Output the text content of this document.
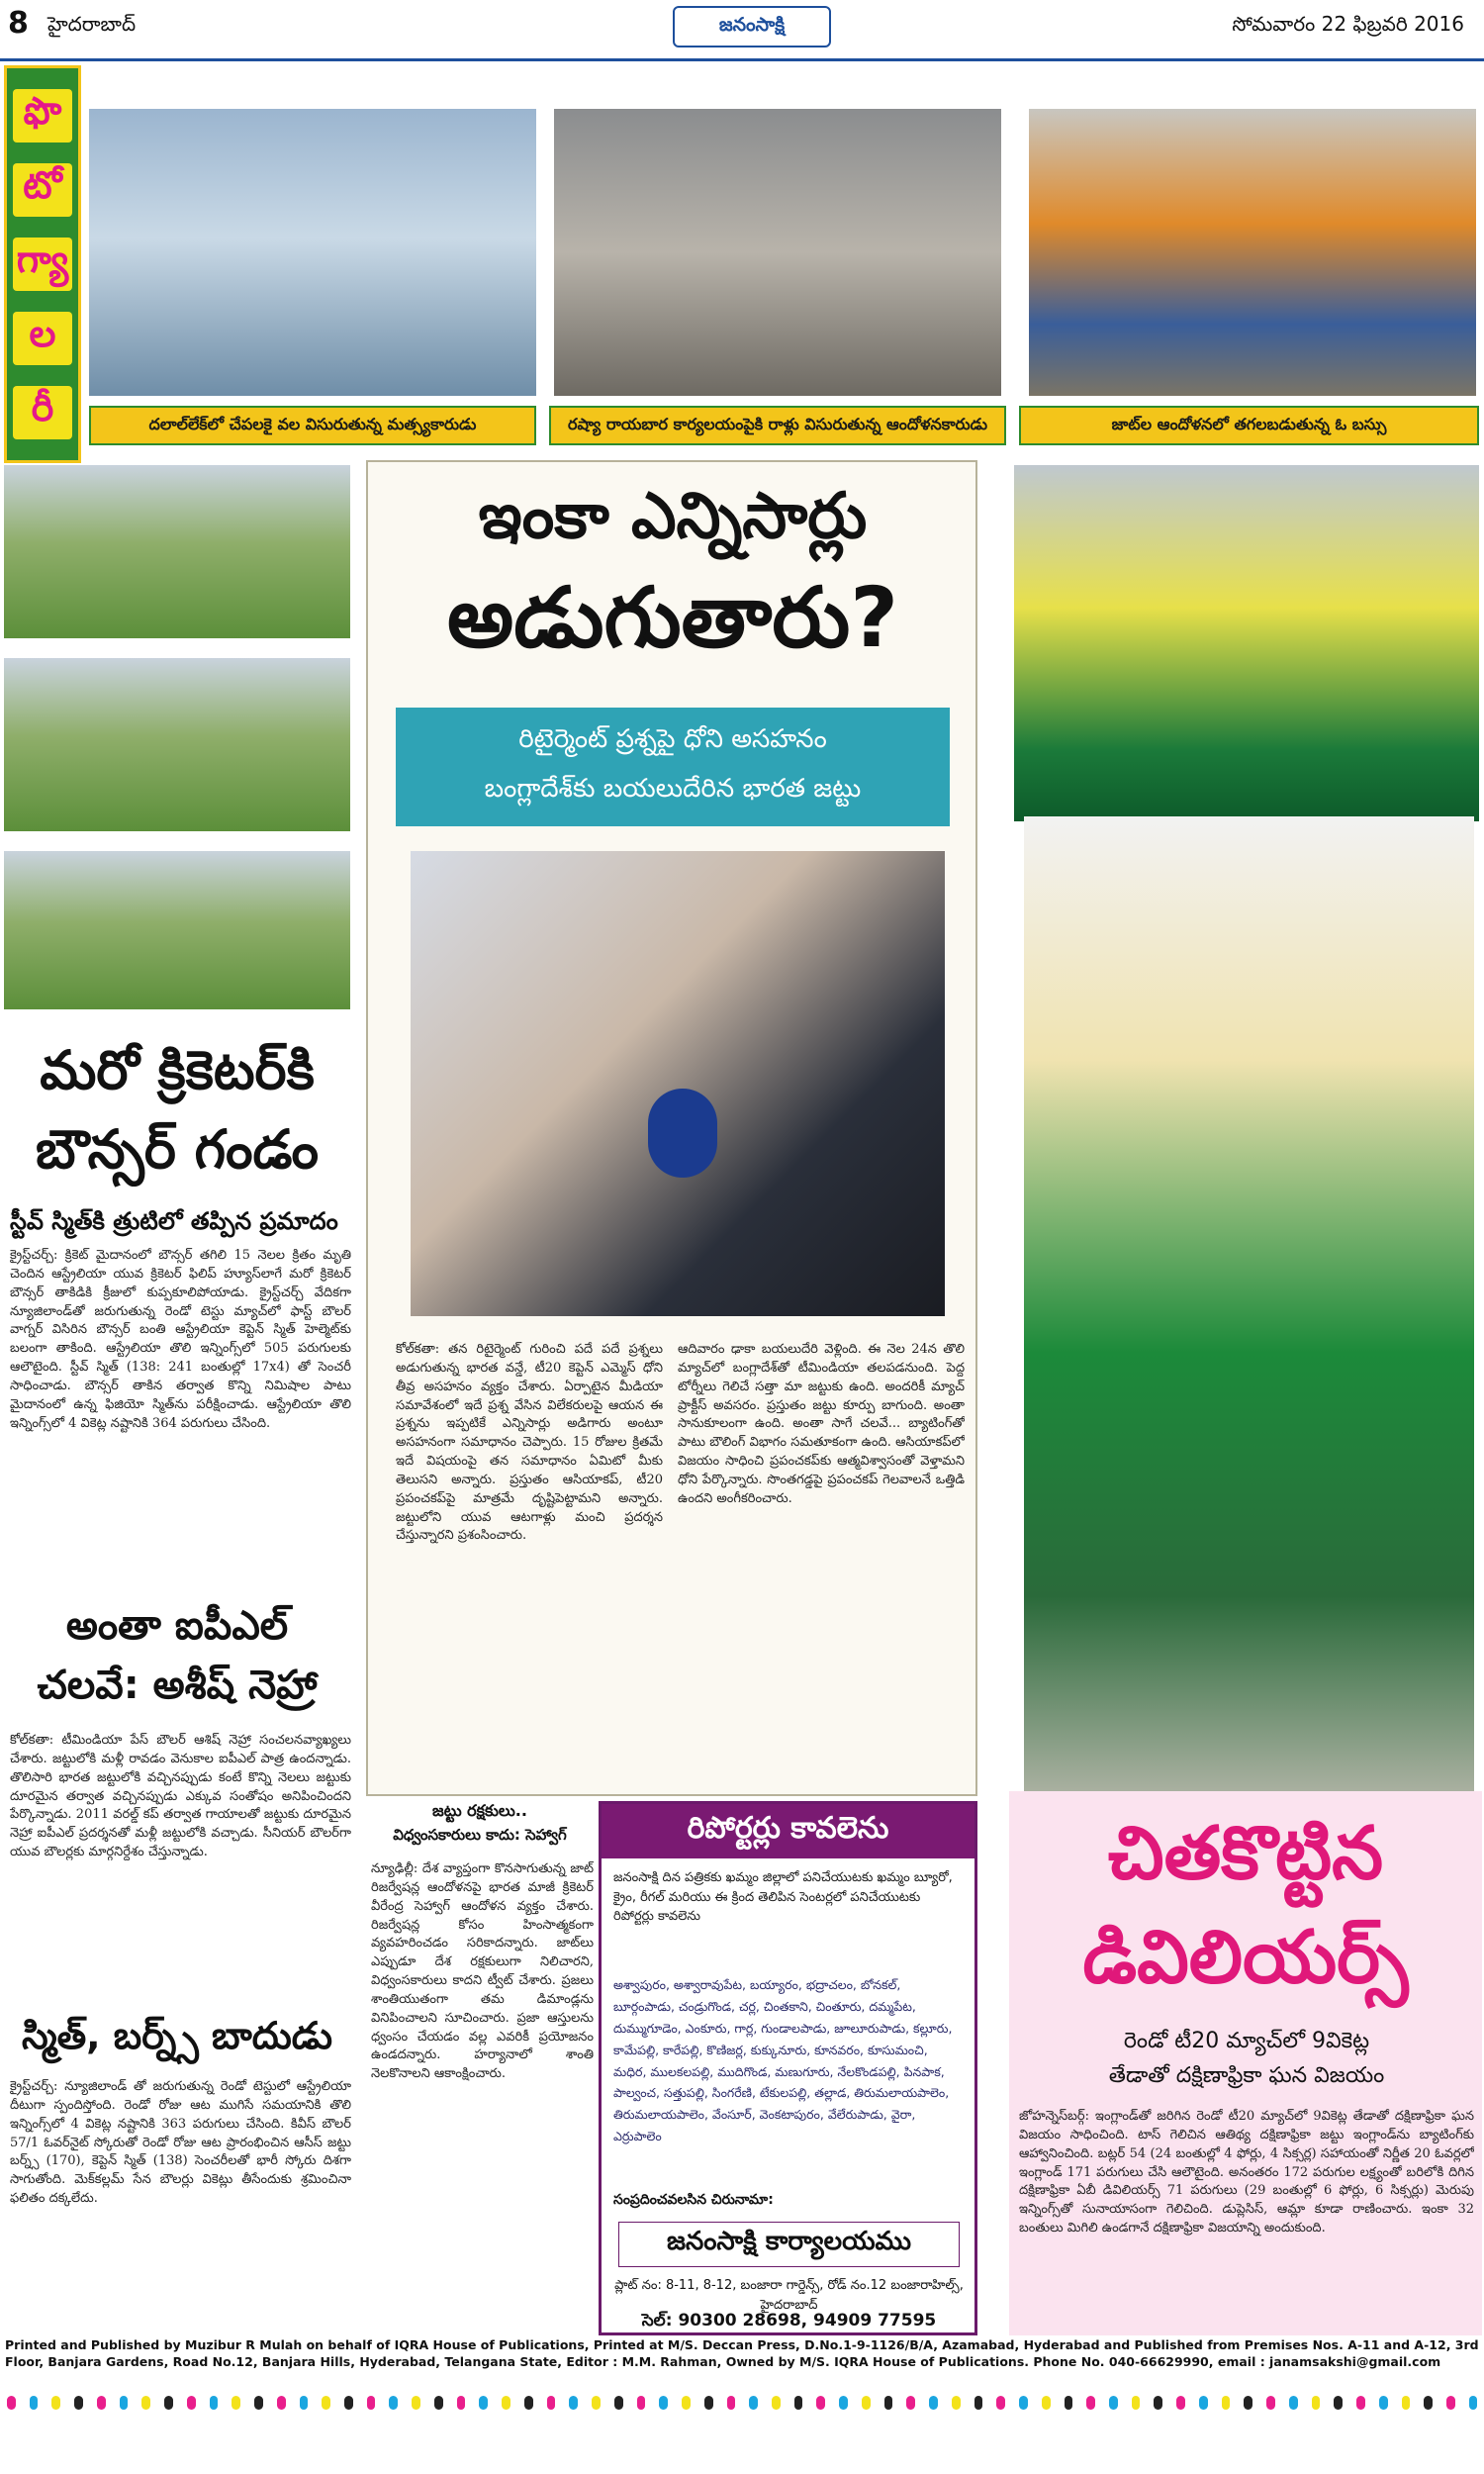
8 హైదరాబాద్	జనంసాక్షి	సోమవారం 22 ఫిబ్రవరి 2016
ఫొ
టో
గ్యా
ల
రీ	దలాల్‌లేక్‌లో చేపలకై వల విసురుతున్న మత్స్యకారుడు	రష్యా రాయబార కార్యలయంపైకి రాళ్లు విసురుతున్న ఆందోళనకారుడు	జాట్‌ల ఆందోళనలో తగలబడుతున్న ఓ బస్సు
మరో క్రికెటర్‌కి
బౌన్సర్ గండం
స్టీవ్ స్మిత్‌కి త్రుటిలో తప్పిన ప్రమాదం
క్రైస్ట్‌చర్చ్: క్రికెట్ మైదానంలో బౌన్సర్ తగిలి 15 నెలల క్రితం మృతి చెందిన ఆస్ట్రేలియా యువ క్రికెటర్ ఫిలిప్ హ్యూస్‌లాగే మరో క్రికెటర్ బౌన్సర్ తాకిడికి క్రీజులో కుప్పకూలిపోయాడు. క్రైస్ట్‌చర్చ్ వేదికగా న్యూజిలాండ్‌తో జరుగుతున్న రెండో టెస్టు మ్యాచ్‌లో ఫాస్ట్ బౌలర్ వాగ్నర్ విసిరిన బౌన్సర్ బంతి ఆస్ట్రేలియా కెప్టెన్ స్మిత్ హెల్మెట్‌కు బలంగా తాకింది. ఆస్ట్రేలియా తొలి ఇన్నింగ్స్‌లో 505 పరుగులకు ఆలౌటైంది. స్టీవ్ స్మిత్ (138: 241 బంతుల్లో 17x4) తో సెంచరీ సాధించాడు. బౌన్సర్ తాకిన తర్వాత కొన్ని నిమిషాల పాటు మైదానంలో ఉన్న ఫిజియో స్మిత్‌ను పరీక్షించాడు. ఆస్ట్రేలియా తొలి ఇన్నింగ్స్‌లో 4 వికెట్ల నష్టానికి 364 పరుగులు చేసింది.
అంతా ఐపీఎల్
చలవే: అశీష్ నెహ్రా
కోల్‌కతా: టీమిండియా పేస్ బౌలర్ ఆశిష్ నెహ్రా సంచలనవ్యాఖ్యలు చేశారు. జట్టులోకి మళ్లీ రావడం వెనుకాల ఐపీఎల్ పాత్ర ఉందన్నాడు. తొలిసారి భారత జట్టులోకి వచ్చినప్పుడు కంటే కొన్ని నెలలు జట్టుకు దూరమైన తర్వాత వచ్చినప్పుడు ఎక్కువ సంతోషం అనిపించిందని పేర్కొన్నాడు. 2011 వరల్డ్ కప్ తర్వాత గాయాలతో జట్టుకు దూరమైన నెహ్రా ఐపీఎల్ ప్రదర్శనతో మళ్లీ జట్టులోకి వచ్చాడు. సీనియర్ బౌలర్‌గా యువ బౌలర్లకు మార్గనిర్దేశం చేస్తున్నాడు.
స్మిత్, బర్న్స్ బాదుడు
క్రైస్ట్‌చర్చ్: న్యూజిలాండ్ తో జరుగుతున్న రెండో టెస్టులో ఆస్ట్రేలియా దీటుగా స్పందిస్తోంది. రెండో రోజు ఆట ముగిసే సమయానికి తొలి ఇన్నింగ్స్‌లో 4 వికెట్ల నష్టానికి 363 పరుగులు చేసింది. కివీస్ బౌలర్ 57/1 ఓవర్‌నైట్ స్కోరుతో రెండో రోజు ఆట ప్రారంభించిన ఆసీస్ జట్టు బర్న్స్ (170), కెప్టెన్ స్మిత్ (138) సెంచరీలతో భారీ స్కోరు దిశగా సాగుతోంది. మెక్‌కల్లమ్ సేన బౌలర్లు వికెట్లు తీసేందుకు శ్రమించినా ఫలితం దక్కలేదు.
ఇంకా ఎన్నిసార్లు
అడుగుతారు?
రిటైర్మెంట్ ప్రశ్నపై ధోని అసహనం
బంగ్లాదేశ్‌కు బయలుదేరిన భారత జట్టు
కోల్‌కతా: తన రిటైర్మెంట్ గురించి పదే పదే ప్రశ్నలు అడుగుతున్న భారత వన్డే, టీ20 కెప్టెన్ ఎమ్మెస్ ధోని తీవ్ర అసహనం వ్యక్తం చేశారు. ఏర్పాటైన మీడియా సమావేశంలో ఇదే ప్రశ్న వేసిన విలేకరులపై ఆయన ఈ ప్రశ్నను ఇప్పటికే ఎన్నిసార్లు అడిగారు అంటూ అసహనంగా సమాధానం చెప్పారు. 15 రోజుల క్రితమే ఇదే విషయంపై తన సమాధానం ఏమిటో మీకు తెలుసని అన్నారు. ప్రస్తుతం ఆసియాకప్, టీ20 ప్రపంచకప్‌పై మాత్రమే దృష్టిపెట్టామని అన్నారు. జట్టులోని యువ ఆటగాళ్లు మంచి ప్రదర్శన చేస్తున్నారని ప్రశంసించారు.
ఆదివారం ఢాకా బయలుదేరి వెళ్లింది. ఈ నెల 24న తొలి మ్యాచ్‌లో బంగ్లాదేశ్‌తో టీమిండియా తలపడనుంది. పెద్ద టోర్నీలు గెలిచే సత్తా మా జట్టుకు ఉంది. అందరికీ మ్యాచ్ ప్రాక్టీస్ అవసరం. ప్రస్తుతం జట్టు కూర్పు బాగుంది. అంతా సానుకూలంగా ఉంది. అంతా సాగే చలవే... బ్యాటింగ్‌తో పాటు బౌలింగ్ విభాగం సమతూకంగా ఉంది. ఆసియాకప్‌లో విజయం సాధించి ప్రపంచకప్‌కు ఆత్మవిశ్వాసంతో వెళ్తామని ధోని పేర్కొన్నారు. సొంతగడ్డపై ప్రపంచకప్ గెలవాలనే ఒత్తిడి ఉందని అంగీకరించారు.
జట్టు రక్షకులు..
విధ్వంసకారులు కాదు: సెహ్వాగ్
న్యూఢిల్లీ: దేశ వ్యాప్తంగా కొనసాగుతున్న జాట్ రిజర్వేషన్ల ఆందోళనపై భారత మాజీ క్రికెటర్ వీరేంద్ర సెహ్వాగ్ ఆందోళన వ్యక్తం చేశారు. రిజర్వేషన్ల కోసం హింసాత్మకంగా వ్యవహరించడం సరికాదన్నారు. జాట్‌లు ఎప్పుడూ దేశ రక్షకులుగా నిలిచారని, విధ్వంసకారులు కాదని ట్వీట్ చేశారు. ప్రజలు శాంతియుతంగా తమ డిమాండ్లను వినిపించాలని సూచించారు. ప్రజా ఆస్తులను ధ్వంసం చేయడం వల్ల ఎవరికీ ప్రయోజనం ఉండదన్నారు. హర్యానాలో శాంతి నెలకొనాలని ఆకాంక్షించారు.
రిపోర్టర్లు కావలెను
జనంసాక్షి దిన పత్రికకు ఖమ్మం జిల్లాలో పనిచేయుటకు ఖమ్మం బ్యూరో, క్రైం, రీగల్ మరియు ఈ క్రింద తెలిపిన సెంటర్లలో పనిచేయుటకు రిపోర్టర్లు కావలెను
అశ్వాపురం, అశ్వారావుపేట, బయ్యారం, భద్రాచలం, బోనకల్, బూర్గంపాడు, చండ్రుగొండ, చర్ల, చింతకాని, చింతూరు, దమ్మపేట, దుమ్ముగూడెం, ఎంకూరు, గార్ల, గుండాలపాడు, జూలూరుపాడు, కల్లూరు, కామేపల్లి, కారేపల్లి, కొణిజర్ల, కుక్కునూరు, కూనవరం, కూసుమంచి, మధిర, ములకలపల్లి, ముదిగొండ, మణుగూరు, నేలకొండపల్లి, పినపాక, పాల్వంచ, సత్తుపల్లి, సింగరేణి, టేకులపల్లి, తల్లాడ, తిరుమలాయపాలెం, తిరుమలాయపాలెం, వేంసూర్, వెంకటాపురం, వేలేరుపాడు, వైరా, ఎర్రుపాలెం
సంప్రదించవలసిన చిరునామా:
జనంసాక్షి కార్యాలయము
ప్లాట్ నం: 8-11, 8-12, బంజారా గార్డెన్స్, రోడ్ నం.12 బంజారాహిల్స్, హైదరాబాద్
సెల్: 90300 28698, 94909 77595
చితకొట్టిన
డివిలియర్స్
రెండో టీ20 మ్యాచ్‌లో 9వికెట్ల
తేడాతో దక్షిణాఫ్రికా ఘన విజయం
జోహన్నెస్‌బర్గ్: ఇంగ్లాండ్‌తో జరిగిన రెండో టీ20 మ్యాచ్‌లో 9వికెట్ల తేడాతో దక్షిణాఫ్రికా ఘన విజయం సాధించింది. టాస్ గెలిచిన ఆతిథ్య దక్షిణాఫ్రికా జట్టు ఇంగ్లాండ్‌ను బ్యాటింగ్‌కు ఆహ్వానించింది. బట్లర్ 54 (24 బంతుల్లో 4 ఫోర్లు, 4 సిక్సర్ల) సహాయంతో నిర్ణీత 20 ఓవర్లలో ఇంగ్లాండ్ 171 పరుగులు చేసి ఆలౌటైంది. అనంతరం 172 పరుగుల లక్ష్యంతో బరిలోకి దిగిన దక్షిణాఫ్రికా ఏబీ డివిలియర్స్ 71 పరుగులు (29 బంతుల్లో 6 ఫోర్లు, 6 సిక్సర్లు) మెరుపు ఇన్నింగ్స్‌తో సునాయాసంగా గెలిచింది. డుప్లెసిస్, ఆమ్లా కూడా రాణించారు. ఇంకా 32 బంతులు మిగిలి ఉండగానే దక్షిణాఫ్రికా విజయాన్ని అందుకుంది.
Printed and Published by Muzibur R Mulah on behalf of IQRA House of Publications, Printed at M/S. Deccan Press, D.No.1-9-1126/B/A, Azamabad, Hyderabad and Published from Premises Nos. A-11 and A-12, 3rd Floor, Banjara Gardens, Road No.12, Banjara Hills, Hyderabad, Telangana State, Editor : M.M. Rahman, Owned by M/S. IQRA House of Publications. Phone No. 040-66629990, email : janamsakshi@gmail.com
